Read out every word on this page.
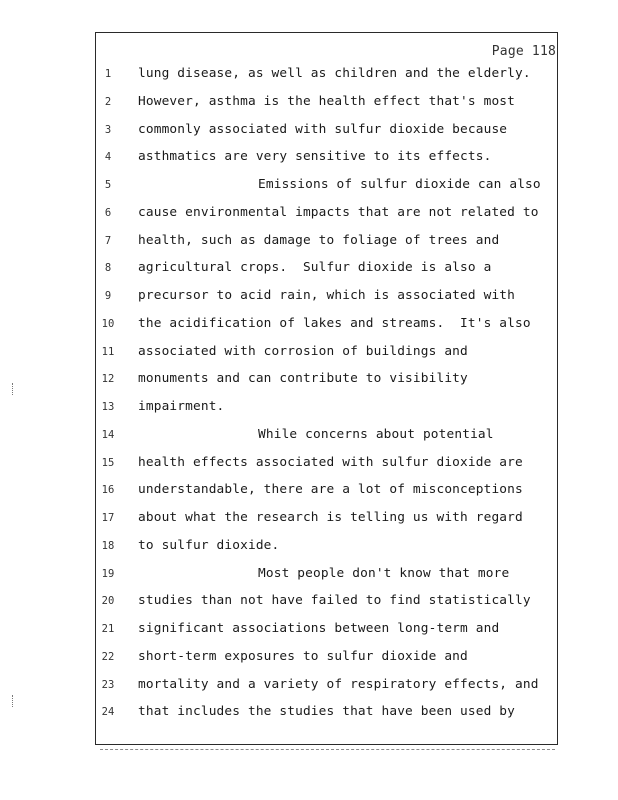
Page 118
1	lung disease, as well as children and the elderly.
2	However, asthma is the health effect that's most
3	commonly associated with sulfur dioxide because
4	asthmatics are very sensitive to its effects.
5	Emissions of sulfur dioxide can also
6	cause environmental impacts that are not related to
7	health, such as damage to foliage of trees and
8	agricultural crops.  Sulfur dioxide is also a
9	precursor to acid rain, which is associated with
10 the acidification of lakes and streams.  It's also
11 associated with corrosion of buildings and
12 monuments and can contribute to visibility
13 impairment.
14	While concerns about potential
15 health effects associated with sulfur dioxide are
16 understandable, there are a lot of misconceptions
17 about what the research is telling us with regard
18 to sulfur dioxide.
19	Most people don't know that more
20 studies than not have failed to find statistically
21 significant associations between long-term and
22 short-term exposures to sulfur dioxide and
23 mortality and a variety of respiratory effects, and
24 that includes the studies that have been used by
